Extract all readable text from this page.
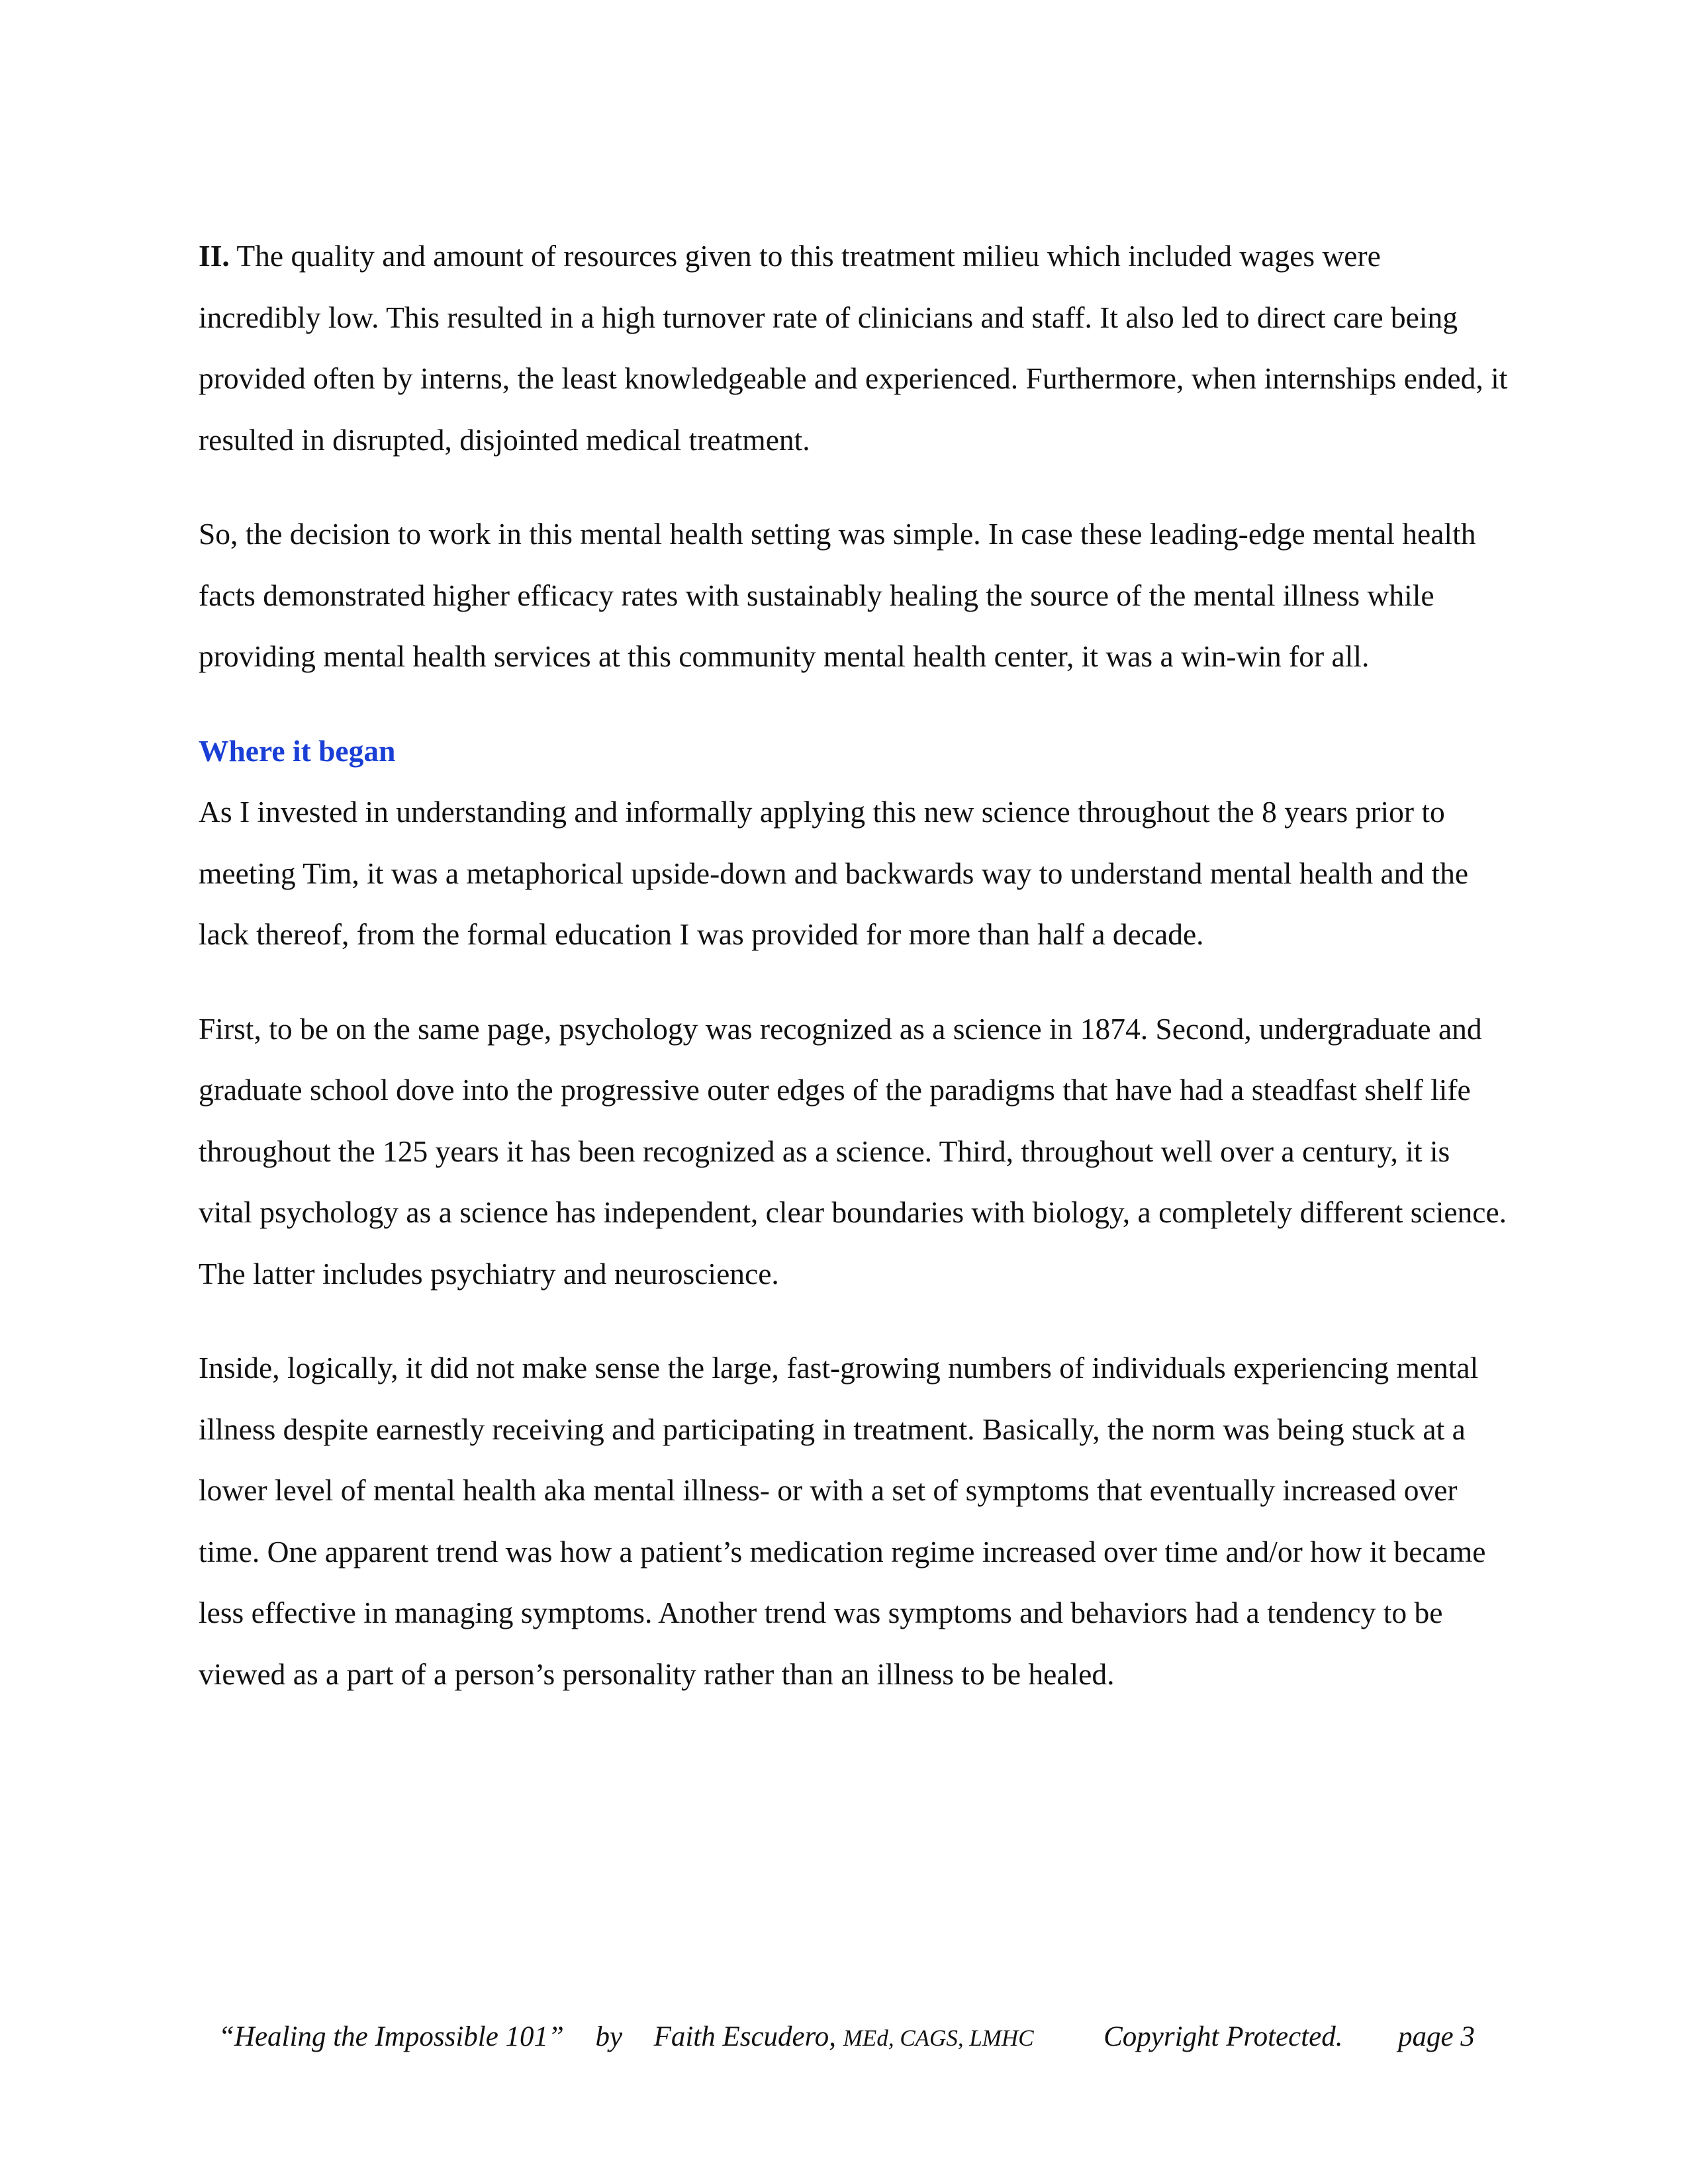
II. The quality and amount of resources given to this treatment milieu which included wages were incredibly low. This resulted in a high turnover rate of clinicians and staff. It also led to direct care being provided often by interns, the least knowledgeable and experienced. Furthermore, when internships ended, it resulted in disrupted, disjointed medical treatment.

So, the decision to work in this mental health setting was simple. In case these leading-edge mental health facts demonstrated higher efficacy rates with sustainably healing the source of the mental illness while providing mental health services at this community mental health center, it was a win-win for all.

Where it began

As I invested in understanding and informally applying this new science throughout the 8 years prior to meeting Tim, it was a metaphorical upside-down and backwards way to understand mental health and the lack thereof, from the formal education I was provided for more than half a decade.

First, to be on the same page, psychology was recognized as a science in 1874. Second, undergraduate and graduate school dove into the progressive outer edges of the paradigms that have had a steadfast shelf life throughout the 125 years it has been recognized as a science. Third, throughout well over a century, it is vital psychology as a science has independent, clear boundaries with biology, a completely different science. The latter includes psychiatry and neuroscience.

Inside, logically, it did not make sense the large, fast-growing numbers of individuals experiencing mental illness despite earnestly receiving and participating in treatment. Basically, the norm was being stuck at a lower level of mental health aka mental illness- or with a set of symptoms that eventually increased over time. One apparent trend was how a patient’s medication regime increased over time and/or how it became less effective in managing symptoms. Another trend was symptoms and behaviors had a tendency to be viewed as a part of a person’s personality rather than an illness to be healed.

“Healing the Impossible 101” by Faith Escudero, MEd, CAGS, LMHC Copyright Protected. page 3
